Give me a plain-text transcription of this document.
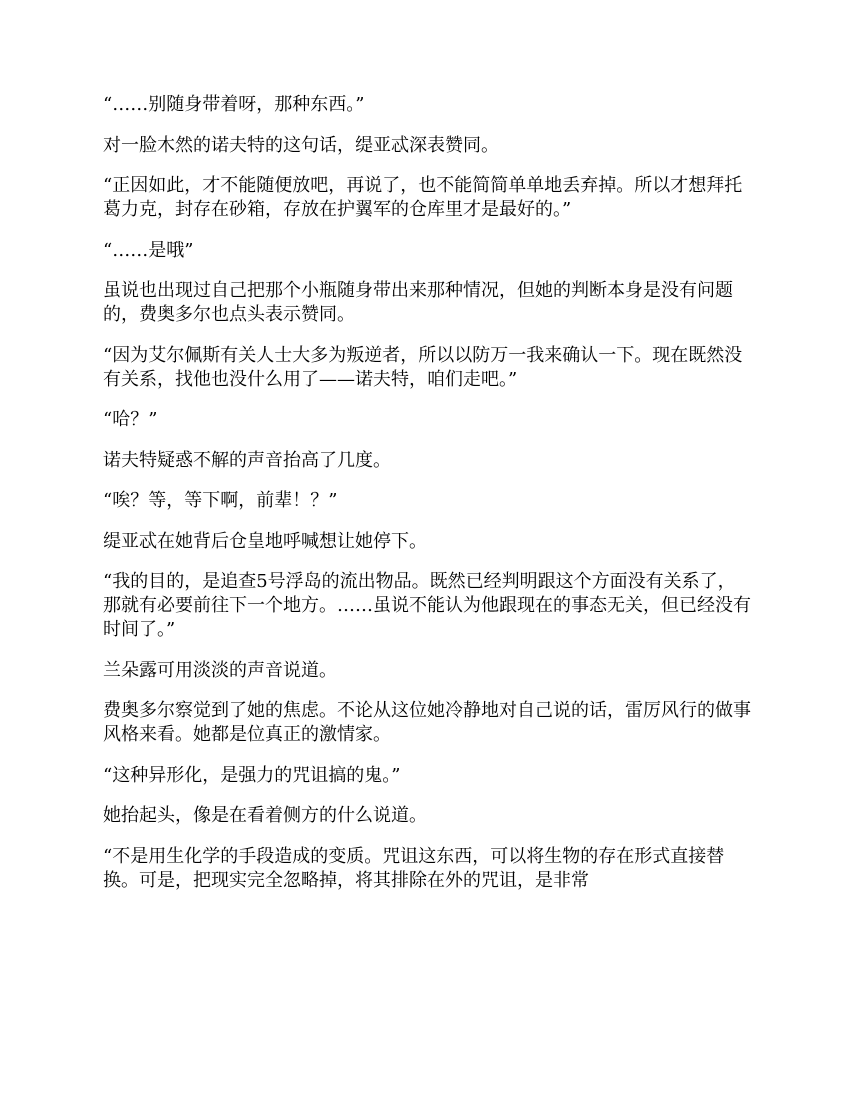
“……别随身带着呀，那种东西。”

对一脸木然的诺夫特的这句话，缇亚忒深表赞同。

“正因如此，才不能随便放吧，再说了，也不能简简单单地丢弃掉。所以才想拜托葛力克，封存在砂箱，存放在护翼军的仓库里才是最好的。”

“……是哦”

虽说也出现过自己把那个小瓶随身带出来那种情况，但她的判断本身是没有问题的，费奥多尔也点头表示赞同。

“因为艾尔佩斯有关人士大多为叛逆者，所以以防万一我来确认一下。现在既然没有关系，找他也没什么用了——诺夫特，咱们走吧。”

“哈？”

诺夫特疑惑不解的声音抬高了几度。

“唉？等，等下啊，前辈！？”

缇亚忒在她背后仓皇地呼喊想让她停下。

“我的目的，是追查5号浮岛的流出物品。既然已经判明跟这个方面没有关系了，那就有必要前往下一个地方。……虽说不能认为他跟现在的事态无关，但已经没有时间了。”

兰朵露可用淡淡的声音说道。

费奥多尔察觉到了她的焦虑。不论从这位她冷静地对自己说的话，雷厉风行的做事风格来看。她都是位真正的激情家。

“这种异形化，是强力的咒诅搞的鬼。”

她抬起头，像是在看着侧方的什么说道。

“不是用生化学的手段造成的变质。咒诅这东西，可以将生物的存在形式直接替换。可是，把现实完全忽略掉，将其排除在外的咒诅，是非常
